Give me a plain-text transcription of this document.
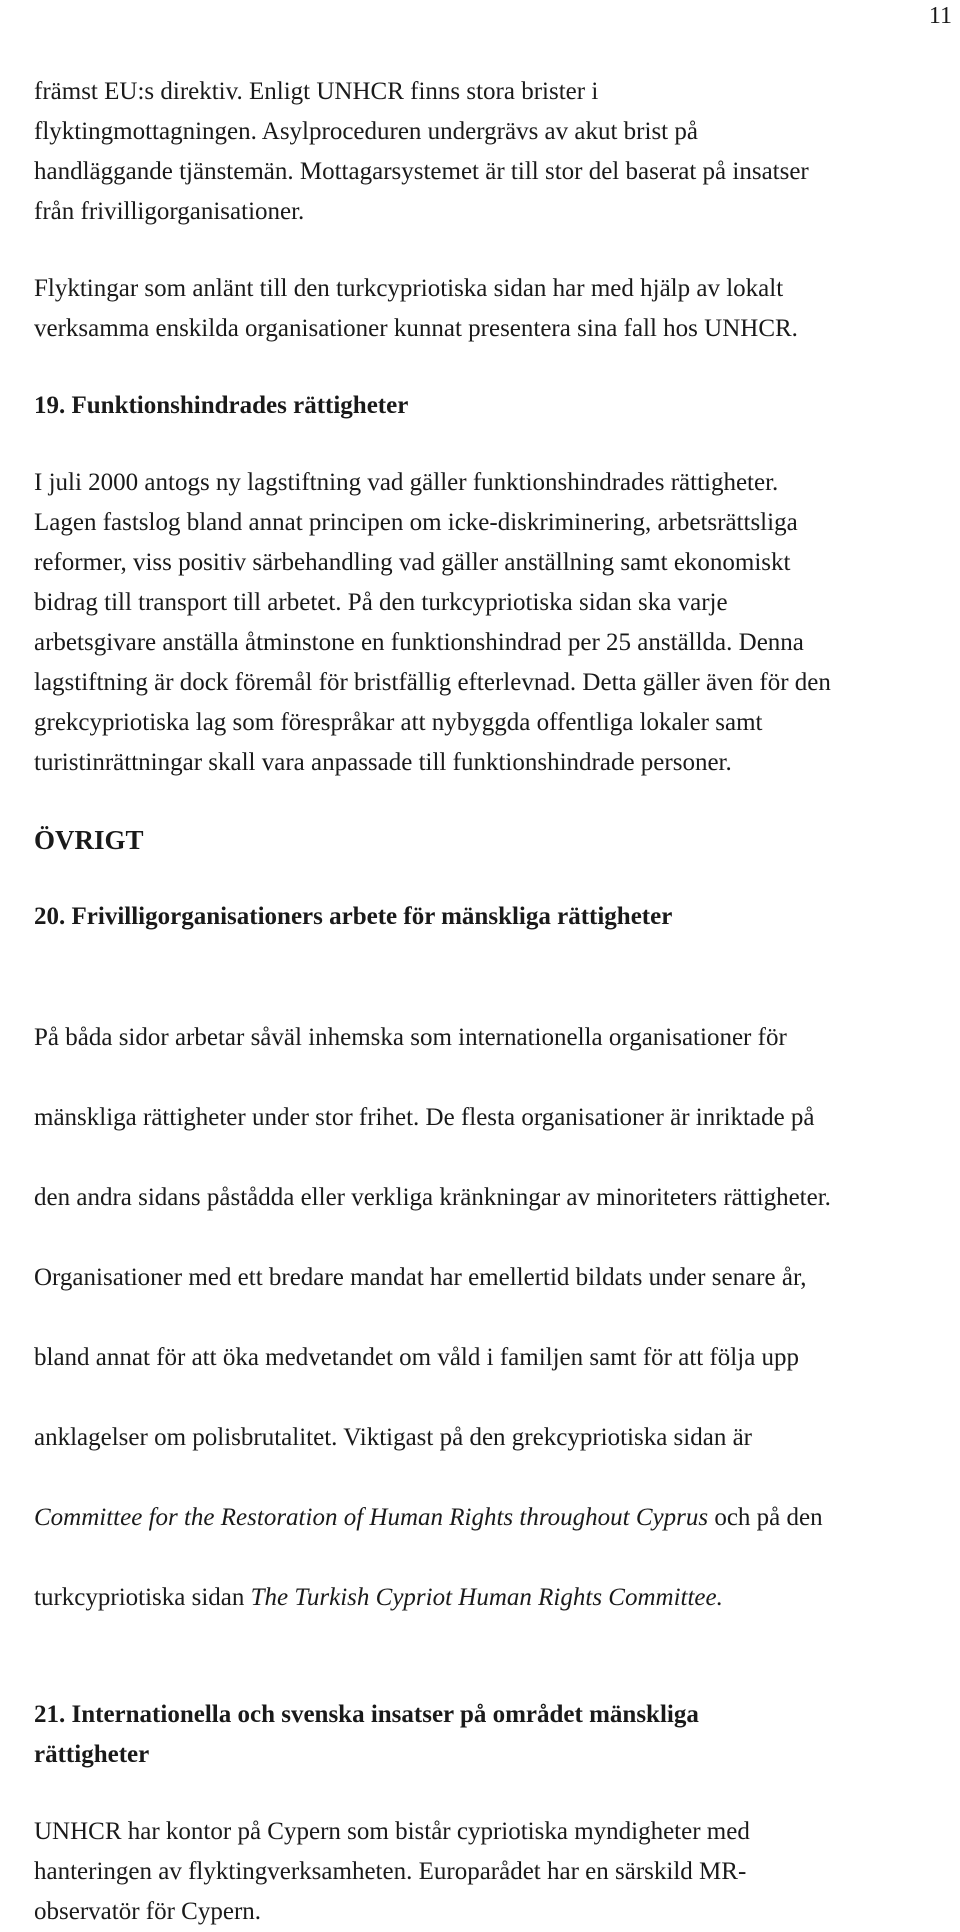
11

främst EU:s direktiv. Enligt UNHCR finns stora brister i
flyktingmottagningen. Asylproceduren undergrävs av akut brist på
handläggande tjänstemän. Mottagarsystemet är till stor del baserat på insatser
från frivilligorganisationer.

Flyktingar som anlänt till den turkcypriotiska sidan har med hjälp av lokalt
verksamma enskilda organisationer kunnat presentera sina fall hos UNHCR.

19. Funktionshindrades rättigheter

I juli 2000 antogs ny lagstiftning vad gäller funktionshindrades rättigheter.
Lagen fastslog bland annat principen om icke-diskriminering, arbetsrättsliga
reformer, viss positiv särbehandling vad gäller anställning samt ekonomiskt
bidrag till transport till arbetet. På den turkcypriotiska sidan ska varje
arbetsgivare anställa åtminstone en funktionshindrad per 25 anställda. Denna
lagstiftning är dock föremål för bristfällig efterlevnad. Detta gäller även för den
grekcypriotiska lag som förespråkar att nybyggda offentliga lokaler samt
turistinrättningar skall vara anpassade till funktionshindrade personer.

ÖVRIGT
20. Frivilligorganisationers arbete för mänskliga rättigheter

På båda sidor arbetar såväl inhemska som internationella organisationer för

mänskliga rättigheter under stor frihet. De flesta organisationer är inriktade på

den andra sidans påstådda eller verkliga kränkningar av minoriteters rättigheter.

Organisationer med ett bredare mandat har emellertid bildats under senare år,

bland annat för att öka medvetandet om våld i familjen samt för att följa upp

anklagelser om polisbrutalitet. Viktigast på den grekcypriotiska sidan är

Committee for the Restoration of Human Rights throughout Cyprus och på den

turkcypriotiska sidan The Turkish Cypriot Human Rights Committee.

21. Internationella och svenska insatser på området mänskliga
rättigheter

UNHCR har kontor på Cypern som bistår cypriotiska myndigheter med
hanteringen av flyktingverksamheten. Europarådet har en särskild MR-
observatör för Cypern.
